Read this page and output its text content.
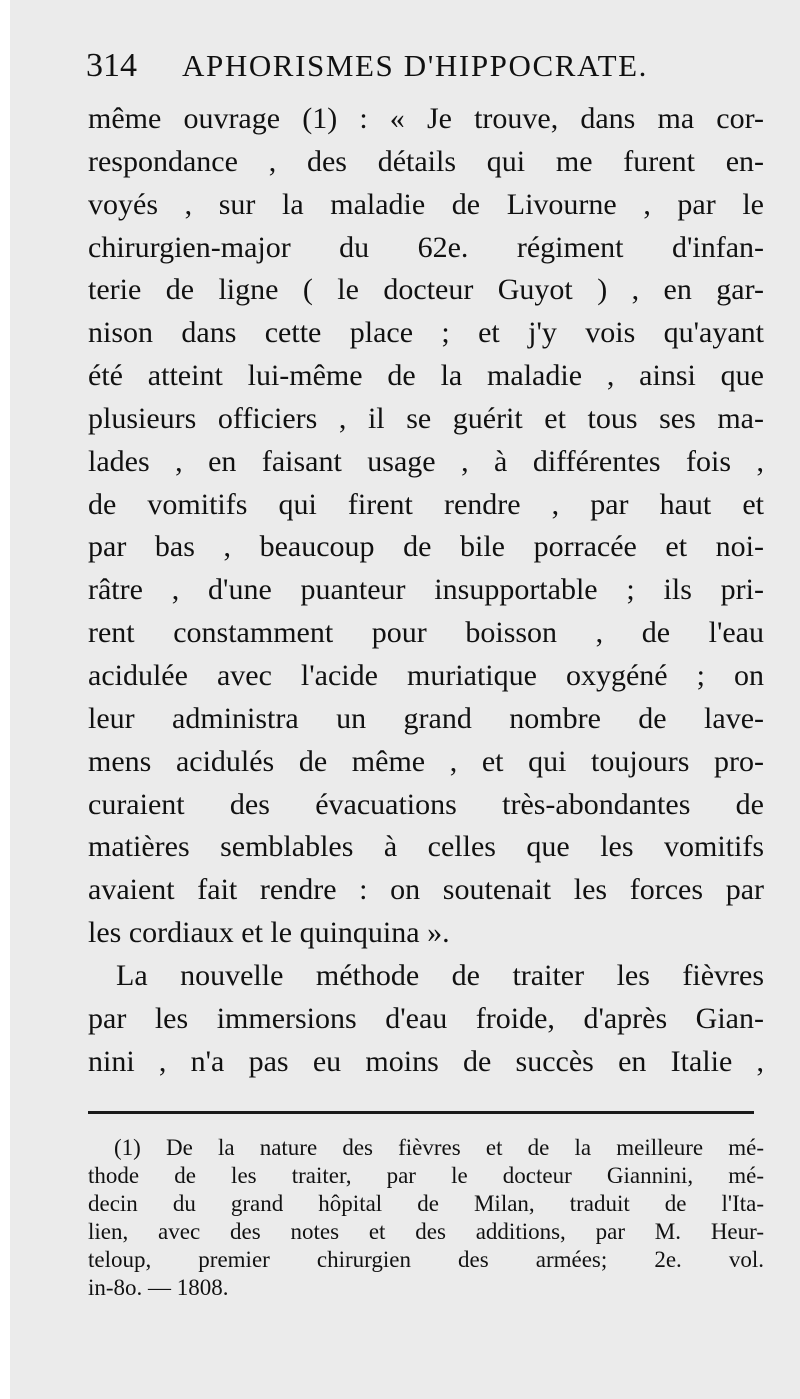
314 APHORISMES D'HIPPOCRATE.
même ouvrage (1) : « Je trouve, dans ma cor-
respondance , des détails qui me furent en-
voyés , sur la maladie de Livourne , par le
chirurgien-major du 62e. régiment d'infan-
terie de ligne ( le docteur Guyot ) , en gar-
nison dans cette place ; et j'y vois qu'ayant
été atteint lui-même de la maladie , ainsi que
plusieurs officiers , il se guérit et tous ses ma-
lades , en faisant usage , à différentes fois ,
de vomitifs qui firent rendre , par haut et
par bas , beaucoup de bile porracée et noi-
râtre , d'une puanteur insupportable ; ils pri-
rent constamment pour boisson , de l'eau
acidulée avec l'acide muriatique oxygéné ; on
leur administra un grand nombre de lave-
mens acidulés de même , et qui toujours pro-
curaient des évacuations très-abondantes de
matières semblables à celles que les vomitifs
avaient fait rendre : on soutenait les forces par
les cordiaux et le quinquina ».
La nouvelle méthode de traiter les fièvres
par les immersions d'eau froide, d'après Gian-
nini , n'a pas eu moins de succès en Italie ,
(1) De la nature des fièvres et de la meilleure mé-
thode de les traiter, par le docteur Giannini, mé-
decin du grand hôpital de Milan, traduit de l'Ita-
lien, avec des notes et des additions, par M. Heur-
teloup, premier chirurgien des armées; 2e. vol.
in-8o. — 1808.
